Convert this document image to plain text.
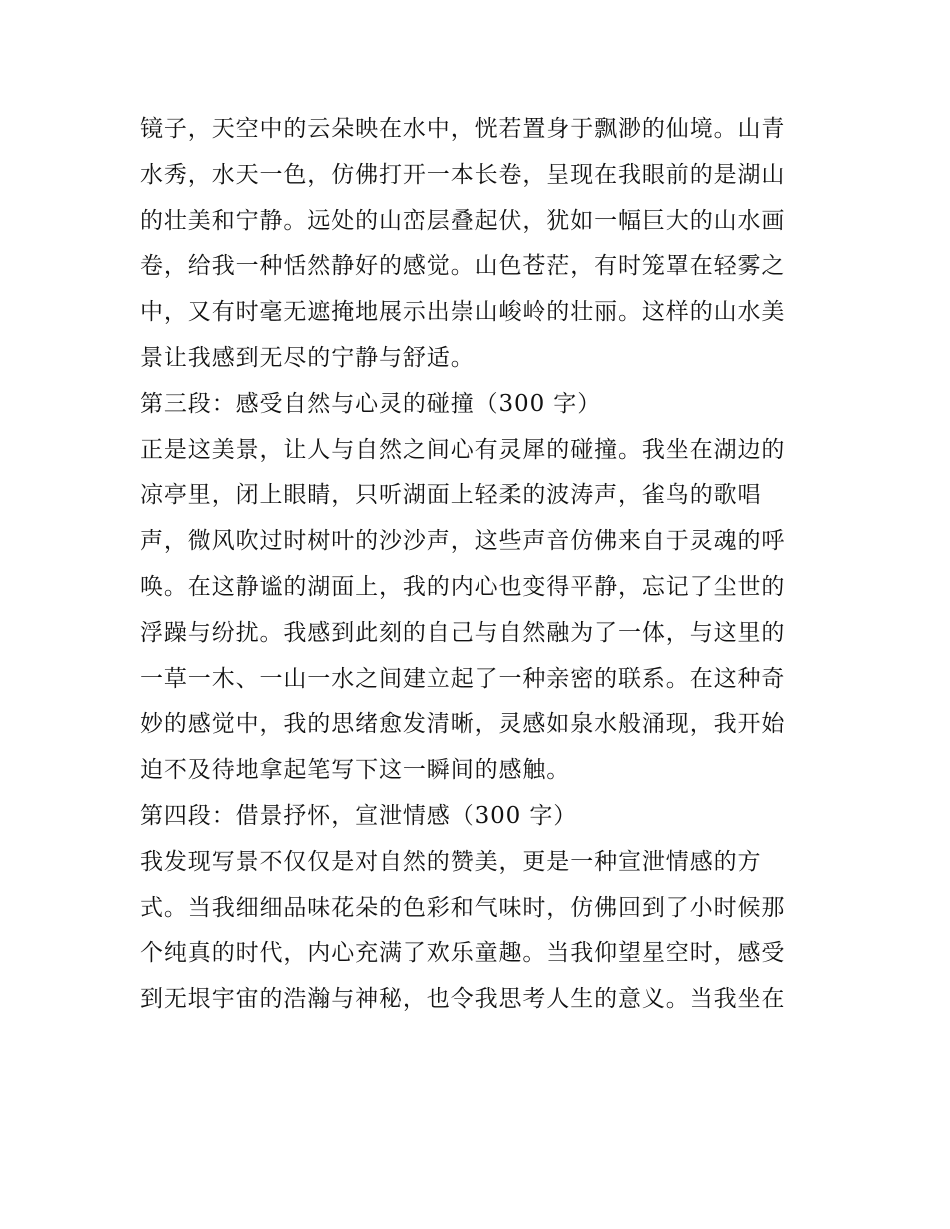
镜子，天空中的云朵映在水中，恍若置身于飘渺的仙境。山青
水秀，水天一色，仿佛打开一本长卷，呈现在我眼前的是湖山
的壮美和宁静。远处的山峦层叠起伏，犹如一幅巨大的山水画
卷，给我一种恬然静好的感觉。山色苍茫，有时笼罩在轻雾之
中，又有时毫无遮掩地展示出崇山峻岭的壮丽。这样的山水美
景让我感到无尽的宁静与舒适。
第三段：感受自然与心灵的碰撞（300 字）
正是这美景，让人与自然之间心有灵犀的碰撞。我坐在湖边的
凉亭里，闭上眼睛，只听湖面上轻柔的波涛声，雀鸟的歌唱
声，微风吹过时树叶的沙沙声，这些声音仿佛来自于灵魂的呼
唤。在这静谧的湖面上，我的内心也变得平静，忘记了尘世的
浮躁与纷扰。我感到此刻的自己与自然融为了一体，与这里的
一草一木、一山一水之间建立起了一种亲密的联系。在这种奇
妙的感觉中，我的思绪愈发清晰，灵感如泉水般涌现，我开始
迫不及待地拿起笔写下这一瞬间的感触。
第四段：借景抒怀，宣泄情感（300 字）
我发现写景不仅仅是对自然的赞美，更是一种宣泄情感的方
式。当我细细品味花朵的色彩和气味时，仿佛回到了小时候那
个纯真的时代，内心充满了欢乐童趣。当我仰望星空时，感受
到无垠宇宙的浩瀚与神秘，也令我思考人生的意义。当我坐在
